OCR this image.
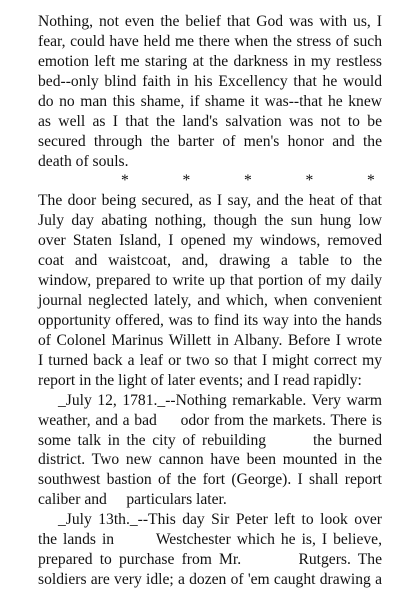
Nothing, not even the belief that God was with us, I

fear, could have held me there when the stress of such

emotion left me staring at the darkness in my restless

bed--only blind faith in his Excellency that he would

do no man this shame, if shame it was--that he knew

as well as I that the land's salvation was not to be

secured through the barter of men's honor and the

death of souls.

*   *   *   *   *

The door being secured, as I say, and the heat of that

July day abating nothing, though the sun hung low

over Staten Island, I opened my windows, removed

coat and waistcoat, and, drawing a table to the

window, prepared to write up that portion of my daily

journal neglected lately, and which, when convenient

opportunity offered, was to find its way into the hands

of Colonel Marinus Willett in Albany. Before I wrote

I turned back a leaf or two so that I might correct my

report in the light of later events; and I read rapidly:

_July 12, 1781._--Nothing remarkable. Very warm

weather, and a bad     odor from the markets. There is

some talk in the city of rebuilding       the burned

district. Two new cannon have been mounted in the

southwest bastion of the fort (George). I shall report

caliber and     particulars later.

_July 13th._--This day Sir Peter left to look over

the lands in       Westchester which he is, I believe,

prepared to purchase from Mr.        Rutgers. The

soldiers are very idle; a dozen of 'em caught drawing a
